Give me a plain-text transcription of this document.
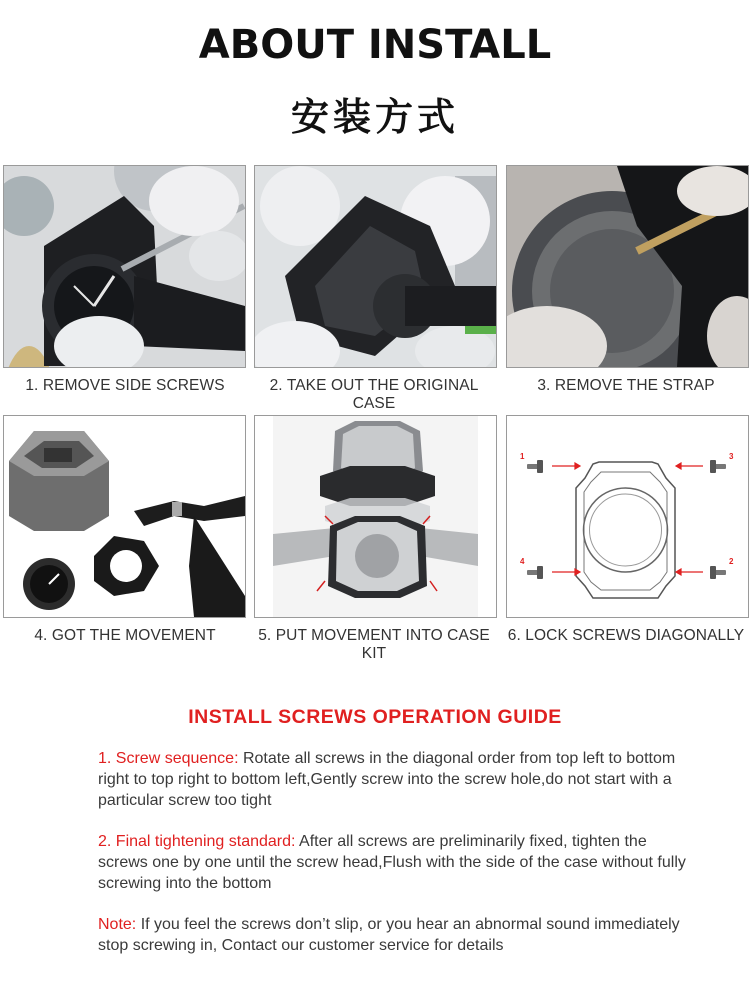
ABOUT INSTALL
安装方式
1. REMOVE SIDE SCREWS	2. TAKE OUT THE ORIGINAL CASE
3. REMOVE THE STRAP
4. GOT THE MOVEMENT	5. PUT MOVEMENT INTO CASE KIT
1	3
4	2
6. LOCK SCREWS DIAGONALLY
INSTALL SCREWS OPERATION GUIDE
1. Screw sequence: Rotate all screws in the diagonal order from top left to bottom right to top right to bottom left,Gently screw into the screw hole,do not start with a particular screw too tight
2. Final tightening standard: After all screws are preliminarily fixed, tighten the screws one by one until the screw head,Flush with the side of the case without fully screwing into the bottom
Note: If you feel the screws don’t slip, or you hear an abnormal sound immediately stop screwing in, Contact our customer service for details
